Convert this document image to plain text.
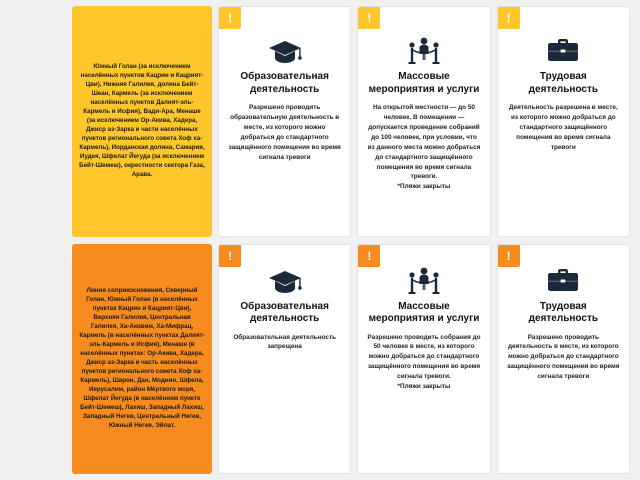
Южный Голан (за исключением населённых пунктов Кацрин и Кацрият-Цви), Нижняя Галилея, долина Бейт-Шеан, Кармель (за исключением населённых пунктов Далият-эль-Кармель и Исфия), Вади-Ара, Менаше (за исключением Ор-Акива, Хадера, Джиср аз-Зарка и части населённых пунктов регионального совета Хоф ха-Кармель), Иорданская долина, Самария, Иудея, Шфелат Йегуда (за исключением Бейт-Шемеш), окрестности сектора Газа, Арава.
!
Образовательная деятельность
Разрешено проводить образовательную деятельность в месте, из которого можно добраться до стандартного защищённого помещения во время сигнала тревоги
!
Массовые мероприятия и услуги
На открытой местности — до 50 человек. В помещении — допускается проведение собраний до 100 человек, при условии, что из данного места можно добраться до стандартного защищённого помещения во время сигнала тревоги.
*Пляжи закрыты
!
Трудовая деятельность
Деятельность разрешена в месте, из которого можно добраться до стандартного защищённого помещения во время сигнала тревоги
Линия соприкосновения, Северный Голан, Южный Голан (в населённых пунктах Кацрин и Кацрият-Цви), Верхняя Галилея, Центральная Галилея, Ха-Акивим, Ха-Мифрац, Кармель (в населённых пунктах Далият-эль-Кармель и Исфия), Менаше (в населённых пунктах: Ор-Акива, Хадера, Джиср аз-Зарка и часть населённых пунктов регионального совета Хоф ха-Кармель), Шарон, Дан, Модиин, Шфела, Иерусалим, район Мёртвого моря, Шфелат Йегуда (в населённом пункте Бейт-Шемеш), Лахиш, Западный Лахиш, Западный Негев, Центральный Негев, Южный Негев, Эйлат.
!
Образовательная деятельность
Образовательная деятельность запрещена
!
Массовые мероприятия и услуги
Разрешено проводить собрания до 50 человек в месте, из которого можно добраться до стандартного защищённого помещения во время сигнала тревоги.
*Пляжи закрыты
!
Трудовая деятельность
Разрешено проводить деятельность в месте, из которого можно добраться до стандартного защищённого помещения во время сигнала тревоги
